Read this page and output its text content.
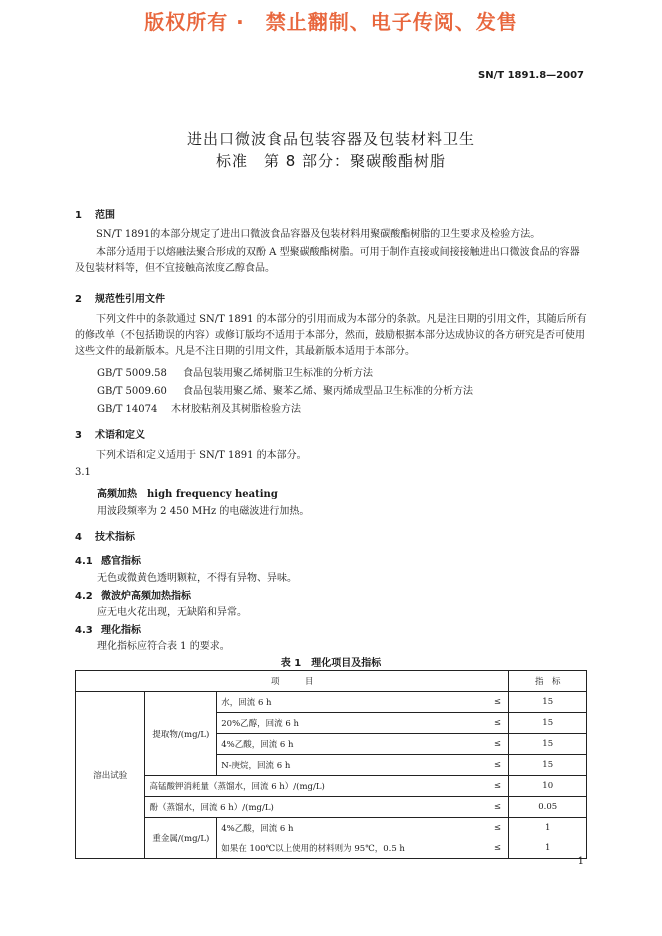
版权所有 ·　禁止翻制、电子传阅、发售
SN/T 1891.8—2007
进出口微波食品包装容器及包装材料卫生
标准　第 8 部分：聚碳酸酯树脂
1 范围
SN/T 1891的本部分规定了进出口微波食品容器及包装材料用聚碳酸酯树脂的卫生要求及检验方法。
本部分适用于以熔融法聚合形成的双酚 A 型聚碳酸酯树脂。可用于制作直接或间接接触进出口微波食品的容器及包装材料等，但不宜接触高浓度乙醇食品。
2 规范性引用文件
下列文件中的条款通过 SN/T 1891 的本部分的引用而成为本部分的条款。凡是注日期的引用文件，其随后所有的修改单（不包括勘误的内容）或修订版均不适用于本部分，然而，鼓励根据本部分达成协议的各方研究是否可使用这些文件的最新版本。凡是不注日期的引用文件，其最新版本适用于本部分。
GB/T 5009.58 食品包装用聚乙烯树脂卫生标准的分析方法
GB/T 5009.60 食品包装用聚乙烯、聚苯乙烯、聚丙烯成型品卫生标准的分析方法
GB/T 14074 木材胶粘剂及其树脂检验方法
3 术语和定义
下列术语和定义适用于 SN/T 1891 的本部分。
3.1
高频加热 high frequency heating
用波段频率为 2 450 MHz 的电磁波进行加热。
4 技术指标
4.1 感官指标
无色或微黄色透明颗粒，不得有异物、异味。
4.2 微波炉高频加热指标
应无电火花出现，无缺陷和异常。
4.3 理化指标
理化指标应符合表 1 的要求。
表 1　理化项目及指标
项　　　目				指　标
溶出试验	提取物/(mg/L)	水，回流 6 h	≤	15
		20%乙醇，回流 6 h	≤	15
		4%乙酸，回流 6 h	≤	15
		N-庚烷，回流 6 h	≤	15
	高锰酸钾消耗量（蒸馏水，回流 6 h）/(mg/L)		≤	10
	酚（蒸馏水，回流 6 h）/(mg/L)		≤	0.05
	重金属/(mg/L)	4%乙酸，回流 6 h	≤	1
		如果在 100℃以上使用的材料则为 95℃，0.5 h	≤	1
1
